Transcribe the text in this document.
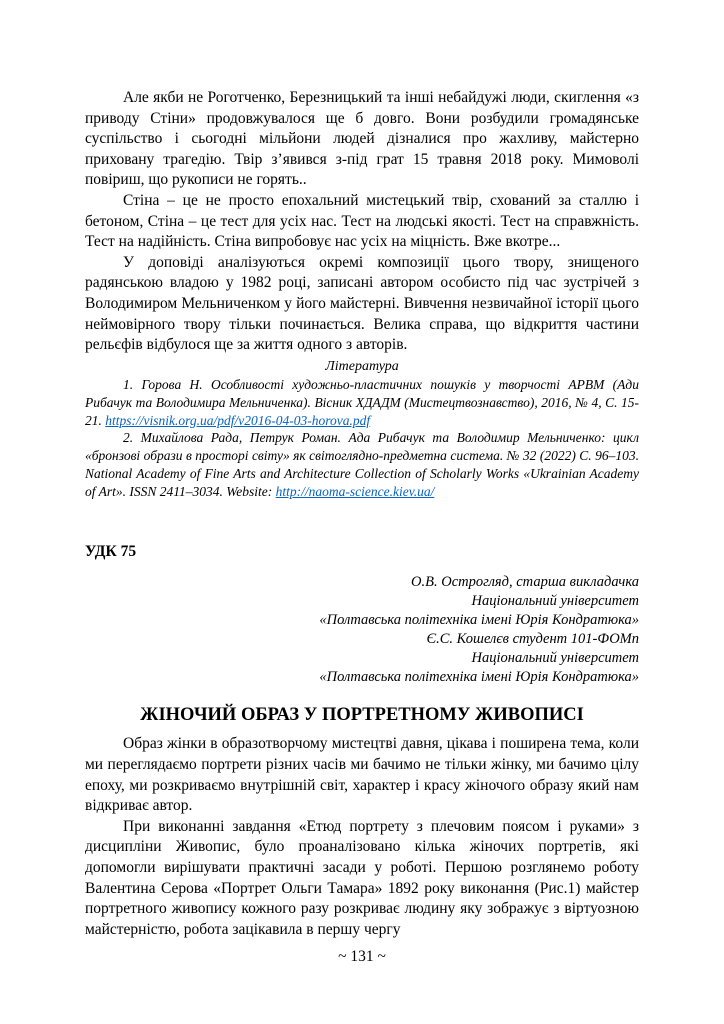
Але якби не Роготченко, Березницький та інші небайдужі люди, скиглення «з приводу Стіни» продовжувалося ще б довго. Вони розбудили громадянське суспільство і сьогодні мільйони людей дізналися про жахливу, майстерно приховану трагедію. Твір з’явився з-під грат 15 травня 2018 року. Мимоволі повіриш, що рукописи не горять..

Стіна – це не просто епохальний мистецький твір, схований за сталлю і бетоном, Стіна – це тест для усіх нас. Тест на людські якості. Тест на справжність. Тест на надійність. Стіна випробовує нас усіх на міцність. Вже вкотре...

У доповіді аналізуються окремі композиції цього твору, знищеного радянською владою у 1982 році, записані автором особисто під час зустрічей з Володимиром Мельниченком у його майстерні. Вивчення незвичайної історії цього неймовірного твору тільки починається. Велика справа, що відкриття частини рельєфів відбулося ще за життя одного з авторів.

Література

1. Горова Н. Особливості художньо-пластичних пошуків у творчості АРВМ (Ади Рибачук та Володимира Мельниченка). Вісник ХДАДМ (Мистецтвознавство), 2016, № 4, С. 15-21. https://visnik.org.ua/pdf/v2016-04-03-horova.pdf

2. Михайлова Рада, Петрук Роман. Ада Рибачук та Володимир Мельниченко: цикл «бронзові образи в просторі світу» як світоглядно-предметна система. № 32 (2022) С. 96–103. National Academy of Fine Arts and Architecture Collection of Scholarly Works «Ukrainian Academy of Art». ISSN 2411–3034. Website: http://naoma-science.kiev.ua/

УДК 75
О.В. Острогляд, старша викладачка
Національний університет
«Полтавська політехніка імені Юрія Кондратюка»
Є.С. Кошелєв студент 101-ФОМп
Національний університет
«Полтавська політехніка імені Юрія Кондратюка»
ЖІНОЧИЙ ОБРАЗ У ПОРТРЕТНОМУ ЖИВОПИСІ

Образ жінки в образотворчому мистецтві давня, цікава і поширена тема, коли ми переглядаємо портрети різних часів ми бачимо не тільки жінку, ми бачимо цілу епоху, ми розкриваємо внутрішній світ, характер і красу жіночого образу який нам відкриває автор.

При виконанні завдання «Етюд портрету з плечовим поясом і руками» з дисципліни Живопис, було проаналізовано кілька жіночих портретів, які допомогли вирішувати практичні засади у роботі. Першою розглянемо роботу Валентина Серова «Портрет Ольги Тамара» 1892 року виконання (Рис.1) майстер портретного живопису кожного разу розкриває людину яку зображує з віртуозною майстерністю, робота зацікавила в першу чергу

~ 131 ~
